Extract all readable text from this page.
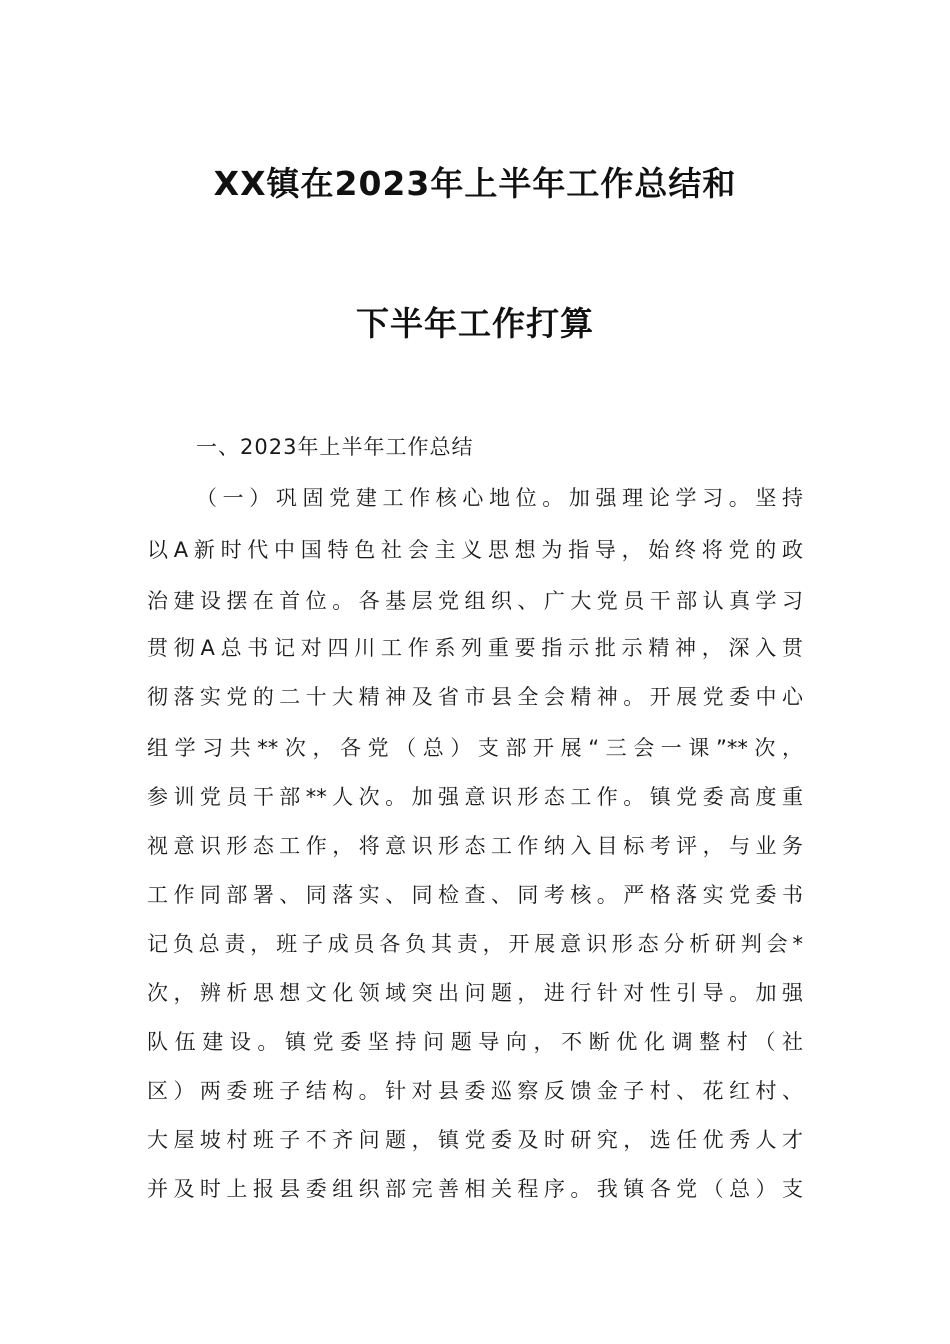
XX镇在2023年上半年工作总结和
下半年工作打算
一、2023年上半年工作总结
（一）巩固党建工作核心地位。加强理论学习。坚持
以A新时代中国特色社会主义思想为指导，始终将党的政
治建设摆在首位。各基层党组织、广大党员干部认真学习
贯彻A总书记对四川工作系列重要指示批示精神，深入贯
彻落实党的二十大精神及省市县全会精神。开展党委中心
组学习共**次，各党（总）支部开展“三会一课”**次，
参训党员干部**人次。加强意识形态工作。镇党委高度重
视意识形态工作，将意识形态工作纳入目标考评，与业务
工作同部署、同落实、同检查、同考核。严格落实党委书
记负总责，班子成员各负其责，开展意识形态分析研判会*
次，辨析思想文化领域突出问题，进行针对性引导。加强
队伍建设。镇党委坚持问题导向，不断优化调整村（社
区）两委班子结构。针对县委巡察反馈金子村、花红村、
大屋坡村班子不齐问题，镇党委及时研究，选任优秀人才
并及时上报县委组织部完善相关程序。我镇各党（总）支
